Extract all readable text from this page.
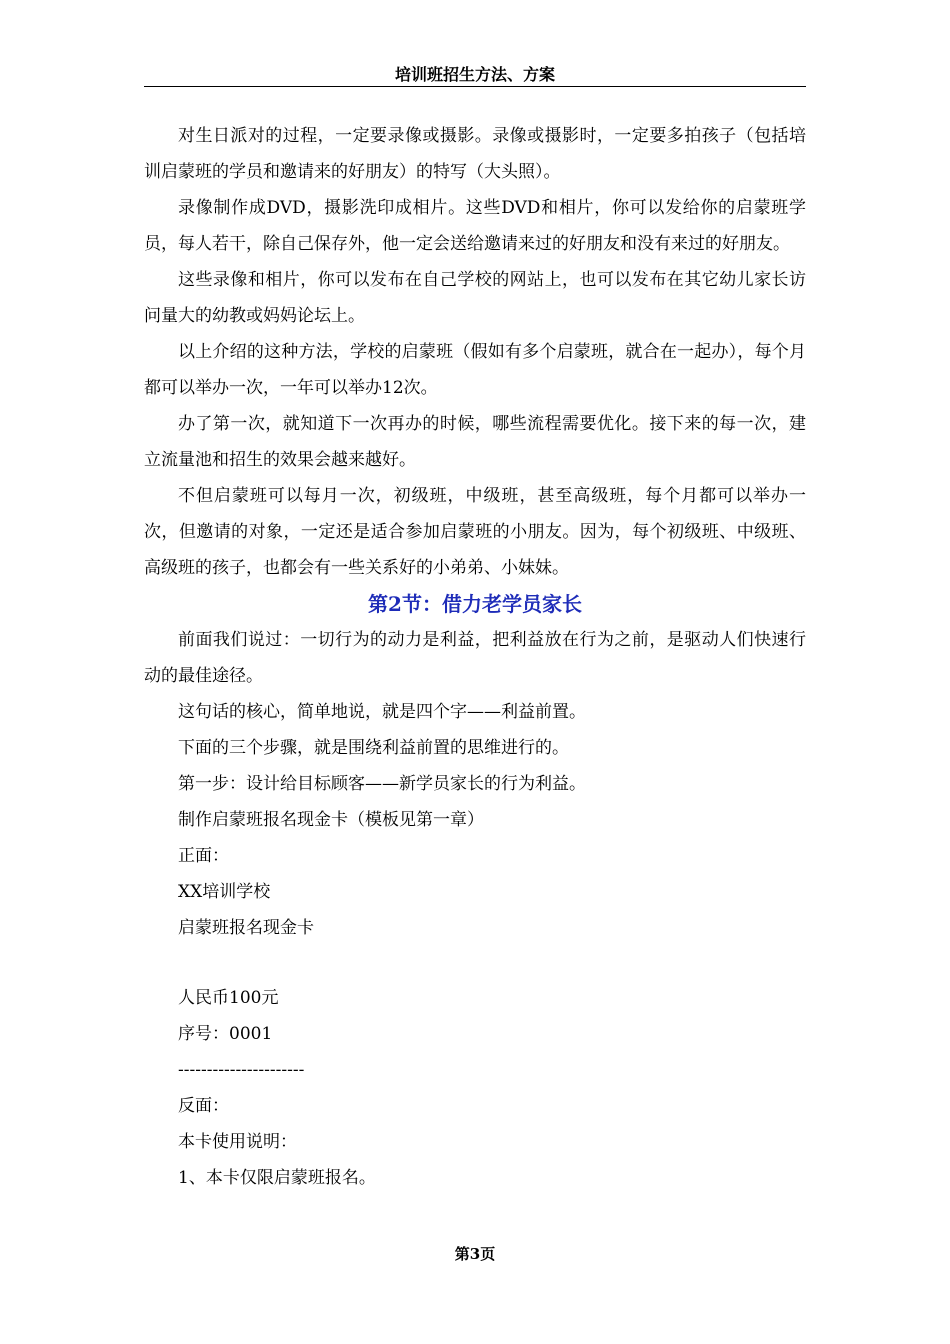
培训班招生方法、方案

对生日派对的过程，一定要录像或摄影。录像或摄影时，一定要多拍孩子（包括培训启蒙班的学员和邀请来的好朋友）的特写（大头照）。

录像制作成DVD，摄影洗印成相片。这些DVD和相片，你可以发给你的启蒙班学员，每人若干，除自己保存外，他一定会送给邀请来过的好朋友和没有来过的好朋友。

这些录像和相片，你可以发布在自己学校的网站上，也可以发布在其它幼儿家长访问量大的幼教或妈妈论坛上。

以上介绍的这种方法，学校的启蒙班（假如有多个启蒙班，就合在一起办），每个月都可以举办一次，一年可以举办12次。

办了第一次，就知道下一次再办的时候，哪些流程需要优化。接下来的每一次，建立流量池和招生的效果会越来越好。

不但启蒙班可以每月一次，初级班，中级班，甚至高级班，每个月都可以举办一次，但邀请的对象，一定还是适合参加启蒙班的小朋友。因为，每个初级班、中级班、高级班的孩子，也都会有一些关系好的小弟弟、小妹妹。

第2节：借力老学员家长

前面我们说过：一切行为的动力是利益，把利益放在行为之前，是驱动人们快速行动的最佳途径。

这句话的核心，简单地说，就是四个字——利益前置。

下面的三个步骤，就是围绕利益前置的思维进行的。

第一步：设计给目标顾客——新学员家长的行为利益。

制作启蒙班报名现金卡（模板见第一章）

正面：

XX培训学校

启蒙班报名现金卡

人民币100元

序号：0001

----------------------

反面：

本卡使用说明：

1、本卡仅限启蒙班报名。

第3页
